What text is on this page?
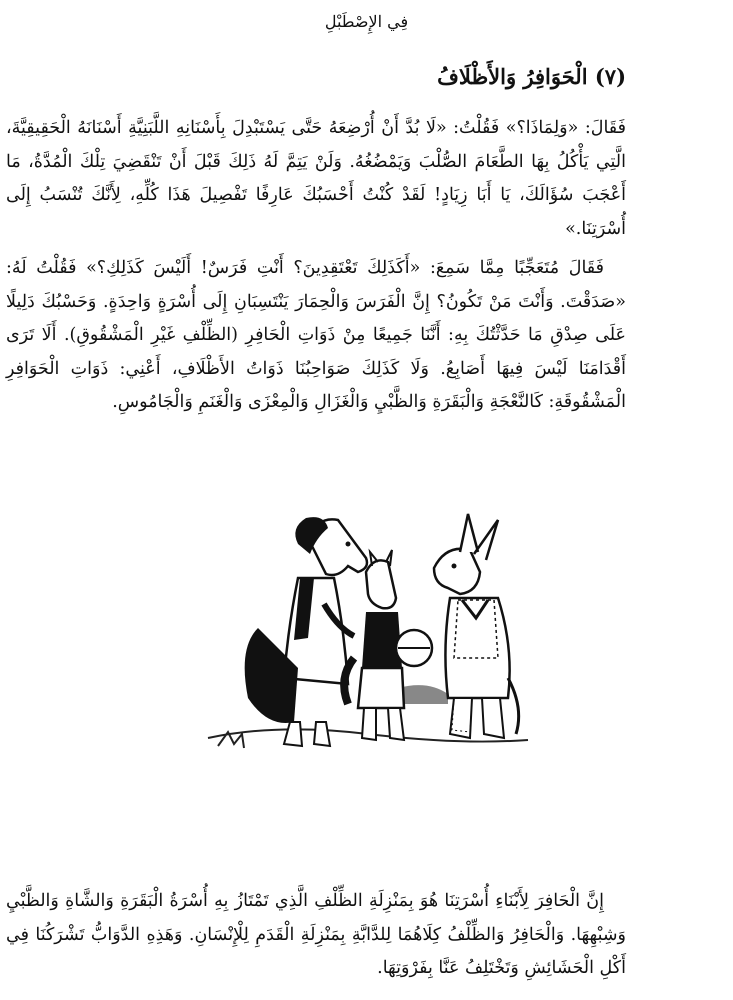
فِي الإِصْطَبْلِ
(٧) الْحَوَافِرُ وَالأَظْلَافُ

فَقَالَ: «وَلِمَاذَا؟» فَقُلْتُ: «لَا بُدَّ أَنْ أُرْضِعَهُ حَتَّى يَسْتَبْدِلَ بِأَسْنَانِهِ اللَّبَنِيَّةِ أَسْنَانَهُ الْحَقِيقِيَّةَ، الَّتِي يَأْكُلُ بِهَا الطَّعَامَ الصُّلْبَ وَيَمْضُغُهُ. وَلَنْ يَتِمَّ لَهُ ذَلِكَ قَبْلَ أَنْ تَنْقَضِيَ تِلْكَ الْمُدَّةُ، مَا أَعْجَبَ سُؤَالَكَ، يَا أَبَا زِيَادٍ! لَقَدْ كُنْتُ أَحْسَبُكَ عَارِفًا تَفْصِيلَ هَذَا كُلِّهِ، لِأَنَّكَ تُنْسَبُ إِلَى أُسْرَتِنَا.»

فَقَالَ مُتَعَجِّبًا مِمَّا سَمِعَ: «أَكَذَلِكَ تَعْتَقِدِينَ؟ أَنْتِ فَرَسٌ! أَلَيْسَ كَذَلِكِ؟» فَقُلْتُ لَهُ: «صَدَقْتَ. وَأَنْتَ مَنْ تَكُونُ؟ إِنَّ الْفَرَسَ وَالْحِمَارَ يَنْتَسِبَانِ إِلَى أُسْرَةٍ وَاحِدَةٍ. وَحَسْبُكَ دَلِيلًا عَلَى صِدْقِ مَا حَدَّثْتُكَ بِهِ: أَنَّنَا جَمِيعًا مِنْ ذَوَاتِ الْحَافِرِ (الظِّلْفِ غَيْرِ الْمَشْقُوقِ). أَلَا تَرَى أَقْدَامَنَا لَيْسَ فِيهَا أَصَابِعُ. وَلَا كَذَلِكَ صَوَاحِبُنَا ذَوَاتُ الأَظْلَافِ، أَعْنِي: ذَوَاتِ الْحَوَافِرِ الْمَشْقُوقَةِ: كَالنَّعْجَةِ وَالْبَقَرَةِ وَالظَّبْيِ وَالْغَزَالِ وَالْمِعْزَى وَالْغَنَمِ وَالْجَامُوسِ.

إِنَّ الْحَافِرَ لِأَبْنَاءِ أُسْرَتِنَا هُوَ بِمَنْزِلَةِ الظِّلْفِ الَّذِي تَمْتَازُ بِهِ أُسْرَةُ الْبَقَرَةِ وَالشَّاةِ وَالظَّبْيِ وَشِبْهِهَا. وَالْحَافِرُ وَالظِّلْفُ كِلَاهُمَا لِلدَّابَّةِ بِمَنْزِلَةِ الْقَدَمِ لِلْإِنْسَانِ. وَهَذِهِ الدَّوَابُّ تَشْرَكُنَا فِي أَكْلِ الْحَشَائِشِ وَتَخْتَلِفُ عَنَّا بِفَرْوَتِهَا.
